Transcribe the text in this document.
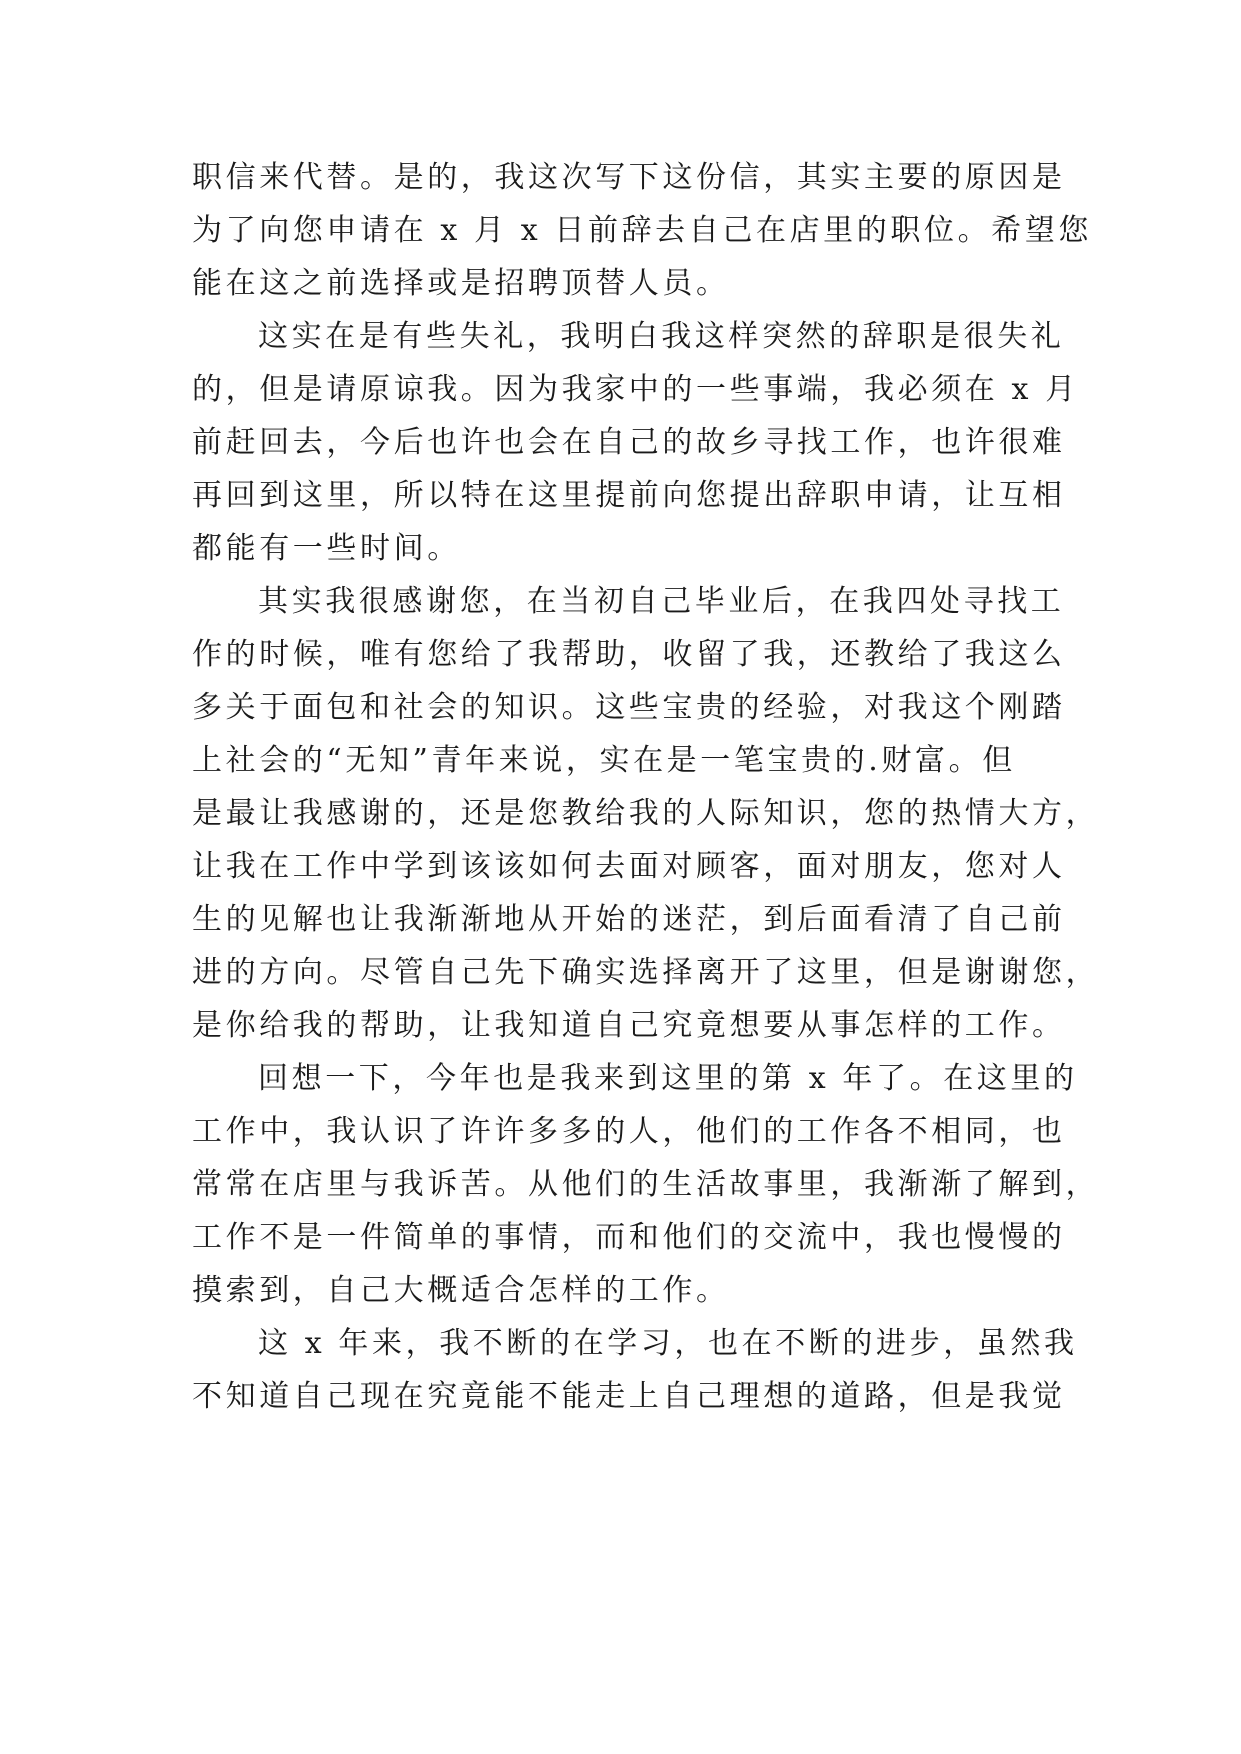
职信来代替。是的，我这次写下这份信，其实主要的原因是
为了向您申请在 x 月 x 日前辞去自己在店里的职位。希望您
能在这之前选择或是招聘顶替人员。
这实在是有些失礼，我明白我这样突然的辞职是很失礼
的，但是请原谅我。因为我家中的一些事端，我必须在 x 月
前赶回去，今后也许也会在自己的故乡寻找工作，也许很难
再回到这里，所以特在这里提前向您提出辞职申请，让互相
都能有一些时间。
其实我很感谢您，在当初自己毕业后，在我四处寻找工
作的时候，唯有您给了我帮助，收留了我，还教给了我这么
多关于面包和社会的知识。这些宝贵的经验，对我这个刚踏
上社会的“无知”青年来说，实在是一笔宝贵的.财富。但
是最让我感谢的，还是您教给我的人际知识，您的热情大方，
让我在工作中学到该该如何去面对顾客，面对朋友，您对人
生的见解也让我渐渐地从开始的迷茫，到后面看清了自己前
进的方向。尽管自己先下确实选择离开了这里，但是谢谢您，
是你给我的帮助，让我知道自己究竟想要从事怎样的工作。
回想一下，今年也是我来到这里的第 x 年了。在这里的
工作中，我认识了许许多多的人，他们的工作各不相同，也
常常在店里与我诉苦。从他们的生活故事里，我渐渐了解到，
工作不是一件简单的事情，而和他们的交流中，我也慢慢的
摸索到，自己大概适合怎样的工作。
这 x 年来，我不断的在学习，也在不断的进步，虽然我
不知道自己现在究竟能不能走上自己理想的道路，但是我觉
